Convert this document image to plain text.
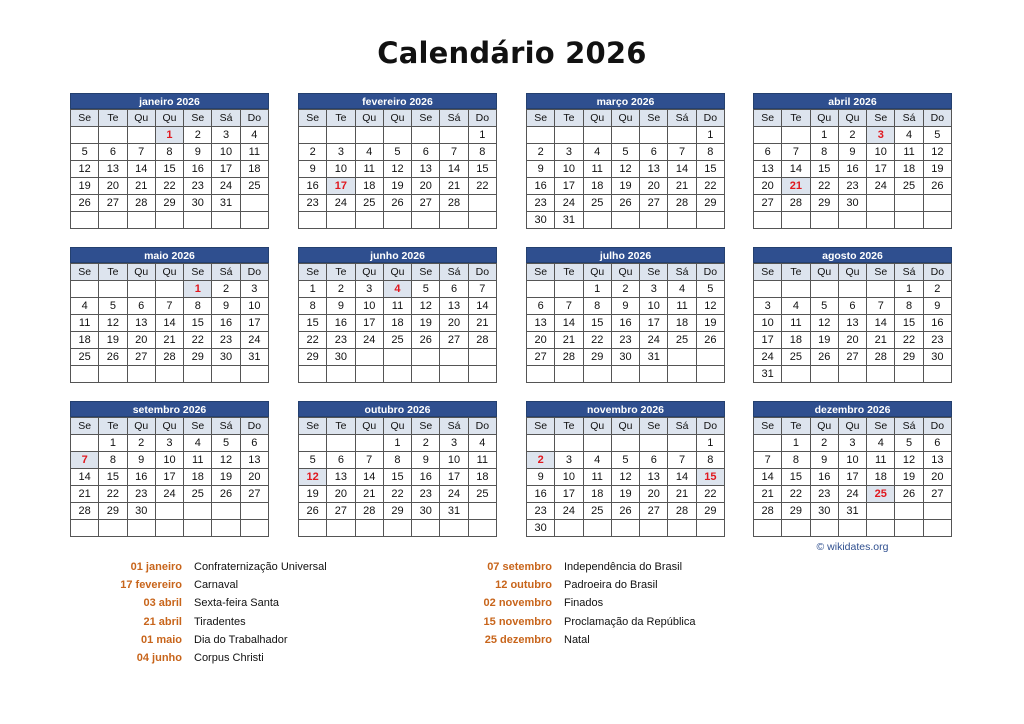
Calendário 2026
janeiro 2026
Se	Te	Qu	Qu	Se	Sá	Do
			1	2	3	4
5	6	7	8	9	10	11
12	13	14	15	16	17	18
19	20	21	22	23	24	25
26	27	28	29	30	31	

fevereiro 2026
Se	Te	Qu	Qu	Se	Sá	Do
						1
2	3	4	5	6	7	8
9	10	11	12	13	14	15
16	17	18	19	20	21	22
23	24	25	26	27	28	

março 2026
Se	Te	Qu	Qu	Se	Sá	Do
						1
2	3	4	5	6	7	8
9	10	11	12	13	14	15
16	17	18	19	20	21	22
23	24	25	26	27	28	29
30	31					
abril 2026
Se	Te	Qu	Qu	Se	Sá	Do
		1	2	3	4	5
6	7	8	9	10	11	12
13	14	15	16	17	18	19
20	21	22	23	24	25	26
27	28	29	30			

maio 2026
Se	Te	Qu	Qu	Se	Sá	Do
				1	2	3
4	5	6	7	8	9	10
11	12	13	14	15	16	17
18	19	20	21	22	23	24
25	26	27	28	29	30	31

junho 2026
Se	Te	Qu	Qu	Se	Sá	Do
1	2	3	4	5	6	7
8	9	10	11	12	13	14
15	16	17	18	19	20	21
22	23	24	25	26	27	28
29	30					

julho 2026
Se	Te	Qu	Qu	Se	Sá	Do
		1	2	3	4	5
6	7	8	9	10	11	12
13	14	15	16	17	18	19
20	21	22	23	24	25	26
27	28	29	30	31		

agosto 2026
Se	Te	Qu	Qu	Se	Sá	Do
					1	2
3	4	5	6	7	8	9
10	11	12	13	14	15	16
17	18	19	20	21	22	23
24	25	26	27	28	29	30
31						
setembro 2026
Se	Te	Qu	Qu	Se	Sá	Do
	1	2	3	4	5	6
7	8	9	10	11	12	13
14	15	16	17	18	19	20
21	22	23	24	25	26	27
28	29	30				

outubro 2026
Se	Te	Qu	Qu	Se	Sá	Do
			1	2	3	4
5	6	7	8	9	10	11
12	13	14	15	16	17	18
19	20	21	22	23	24	25
26	27	28	29	30	31	

novembro 2026
Se	Te	Qu	Qu	Se	Sá	Do
						1
2	3	4	5	6	7	8
9	10	11	12	13	14	15
16	17	18	19	20	21	22
23	24	25	26	27	28	29
30						
dezembro 2026
Se	Te	Qu	Qu	Se	Sá	Do
	1	2	3	4	5	6
7	8	9	10	11	12	13
14	15	16	17	18	19	20
21	22	23	24	25	26	27
28	29	30	31			

© wikidates.org
01 janeiro Confraternização Universal
17 fevereiro Carnaval
03 abril Sexta-feira Santa
21 abril Tiradentes
01 maio Dia do Trabalhador
04 junho Corpus Christi
07 setembro Independência do Brasil
12 outubro Padroeira do Brasil
02 novembro Finados
15 novembro Proclamação da República
25 dezembro Natal
